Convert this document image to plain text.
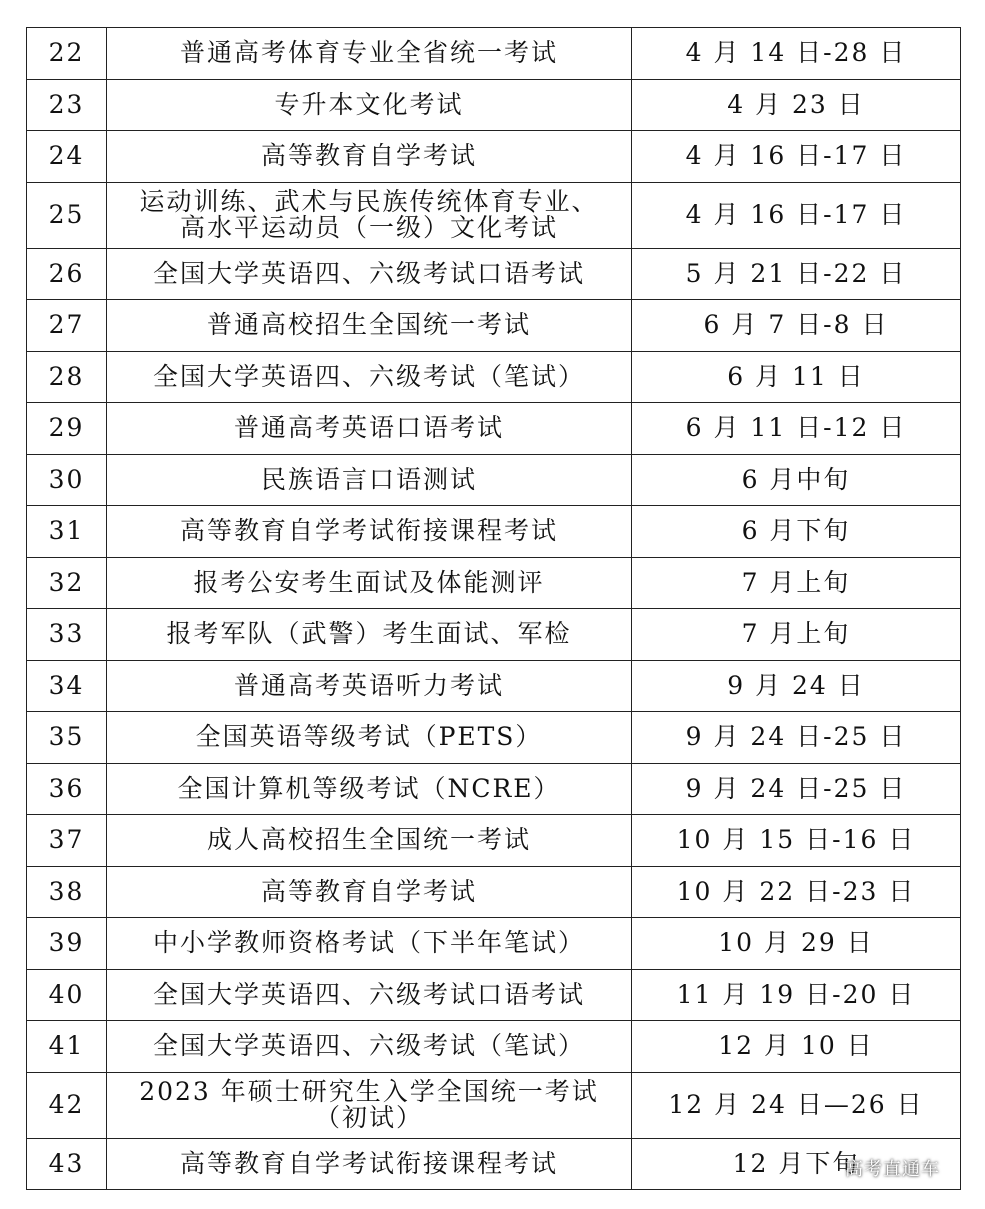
22	普通高考体育专业全省统一考试	4 月 14 日-28 日
23	专升本文化考试	4 月 23 日
24	高等教育自学考试	4 月 16 日-17 日
25	运动训练、武术与民族传统体育专业、
高水平运动员（一级）文化考试	4 月 16 日-17 日
26	全国大学英语四、六级考试口语考试	5 月 21 日-22 日
27	普通高校招生全国统一考试	6 月 7 日-8 日
28	全国大学英语四、六级考试（笔试）	6 月 11 日
29	普通高考英语口语考试	6 月 11 日-12 日
30	民族语言口语测试	6 月中旬
31	高等教育自学考试衔接课程考试	6 月下旬
32	报考公安考生面试及体能测评	7 月上旬
33	报考军队（武警）考生面试、军检	7 月上旬
34	普通高考英语听力考试	9 月 24 日
35	全国英语等级考试（PETS）	9 月 24 日-25 日
36	全国计算机等级考试（NCRE）	9 月 24 日-25 日
37	成人高校招生全国统一考试	10 月 15 日-16 日
38	高等教育自学考试	10 月 22 日-23 日
39	中小学教师资格考试（下半年笔试）	10 月 29 日
40	全国大学英语四、六级考试口语考试	11 月 19 日-20 日
41	全国大学英语四、六级考试（笔试）	12 月 10 日
42	2023 年硕士研究生入学全国统一考试
（初试）	12 月 24 日—26 日
43	高等教育自学考试衔接课程考试	12 月下旬
高考直通车
